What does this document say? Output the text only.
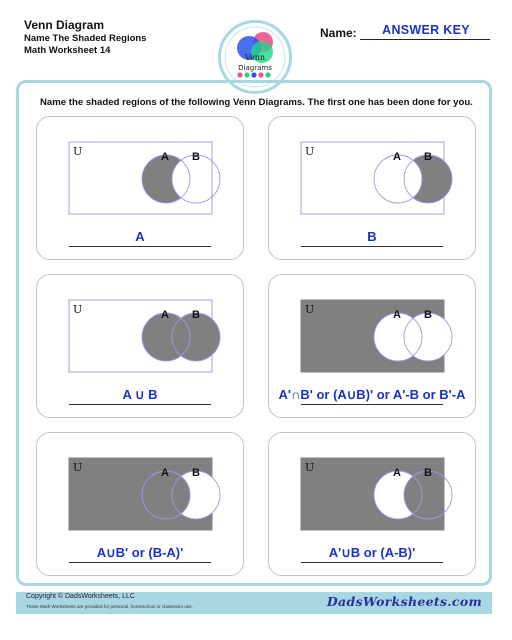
Venn Diagram
Name The Shaded Regions
Math Worksheet 14
Venn
Diagrams
Name:	ANSWER KEY
Name the shaded regions of the following Venn Diagrams. The first one has been done for you.
U	A B
A
U	A B
B
U	A B
A ∪ B
U	A B
A'∩B' or (A∪B)' or A'-B or B'-A
U	A B
A∪B' or (B-A)'
U	A B
A'∪B or (A-B)'
Copyright © DadsWorksheets, LLC
These Math Worksheets are provided for personal, homeschool or classroom use.	DadsWorksheets.com
